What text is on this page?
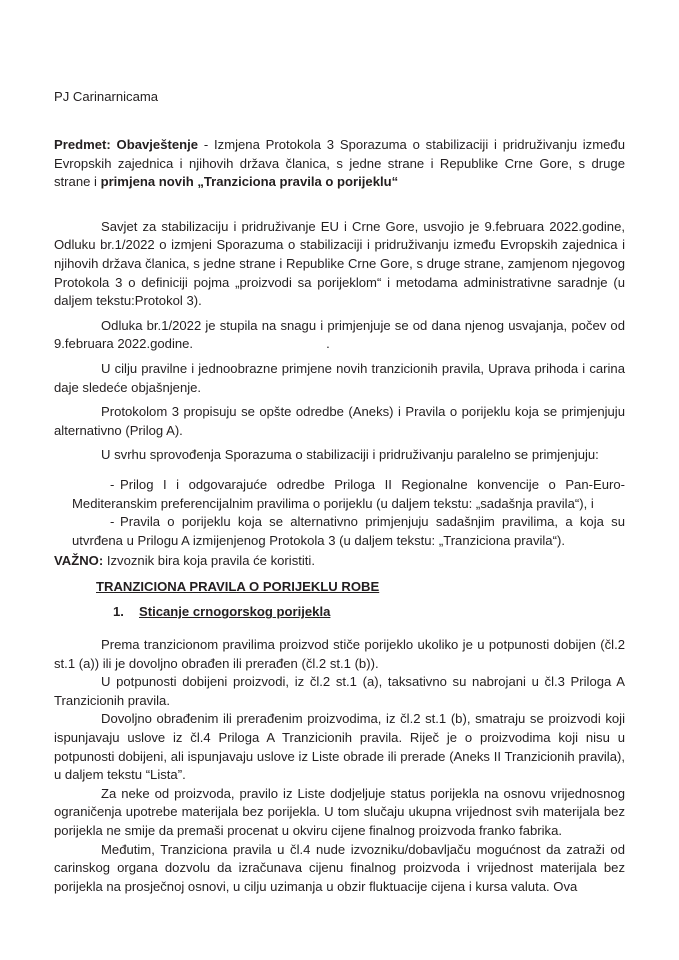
PJ Carinarnicama

Predmet: Obavještenje - Izmjena Protokola 3 Sporazuma o stabilizaciji i pridruživanju između Evropskih zajednica i njihovih država članica, s jedne strane i Republike Crne Gore, s druge strane i primjena novih „Tranziciona pravila o porijeklu“

Savjet za stabilizaciju i pridruživanje EU i Crne Gore, usvojio je 9.februara 2022.godine, Odluku br.1/2022 o izmjeni Sporazuma o stabilizaciji i pridruživanju između Evropskih zajednica i njihovih država članica, s jedne strane i Republike Crne Gore, s druge strane, zamjenom njegovog Protokola 3 o definiciji pojma „proizvodi sa porijeklom“ i metodama administrativne saradnje (u daljem tekstu:Protokol 3).

Odluka br.1/2022 je stupila na snagu i primjenjuje se od dana njenog usvajanja, počev od 9.februara 2022.godine.	.

U cilju pravilne i jednoobrazne primjene novih tranzicionih pravila, Uprava prihoda i carina daje sledeće objašnjenje.

Protokolom 3 propisuju se opšte odredbe (Aneks) i Pravila o porijeklu koja se primjenjuju alternativno (Prilog A).

U svrhu sprovođenja Sporazuma o stabilizaciji i pridruživanju paralelno se primjenjuju:

- Prilog I i odgovarajuće odredbe Priloga II Regionalne konvencije o Pan-Euro-Mediteranskim preferencijalnim pravilima o porijeklu (u daljem tekstu: „sadašnja pravila“), i
- Pravila o porijeklu koja se alternativno primjenjuju sadašnjim pravilima, a koja su utvrđena u Prilogu A izmijenjenog Protokola 3 (u daljem tekstu: „Tranziciona pravila“).

VAŽNO: Izvoznik bira koja pravila će koristiti.

TRANZICIONA PRAVILA O PORIJEKLU ROBE
1.	Sticanje crnogorskog porijekla

Prema tranzicionom pravilima proizvod stiče porijeklo ukoliko je u potpunosti dobijen (čl.2 st.1 (a)) ili je dovoljno obrađen ili prerađen (čl.2 st.1 (b)).

U potpunosti dobijeni proizvodi, iz čl.2 st.1 (a), taksativno su nabrojani u čl.3 Priloga A Tranzicionih pravila.

Dovoljno obrađenim ili prerađenim proizvodima, iz čl.2 st.1 (b), smatraju se proizvodi koji ispunjavaju uslove iz čl.4 Priloga A Tranzicionih pravila. Riječ je o proizvodima koji nisu u potpunosti dobijeni, ali ispunjavaju uslove iz Liste obrade ili prerade (Aneks II Tranzicionih pravila), u daljem tekstu “Lista”.

Za neke od proizvoda, pravilo iz Liste dodjeljuje status porijekla na osnovu vrijednosnog ograničenja upotrebe materijala bez porijekla. U tom slučaju ukupna vrijednost svih materijala bez porijekla ne smije da premaši procenat u okviru cijene finalnog proizvoda franko fabrika.

Međutim, Tranziciona pravila u čl.4 nude izvozniku/dobavljaču mogućnost da zatraži od carinskog organa dozvolu da izračunava cijenu finalnog proizvoda i vrijednost materijala bez porijekla na prosječnoj osnovi, u cilju uzimanja u obzir fluktuacije cijena i kursa valuta. Ova
